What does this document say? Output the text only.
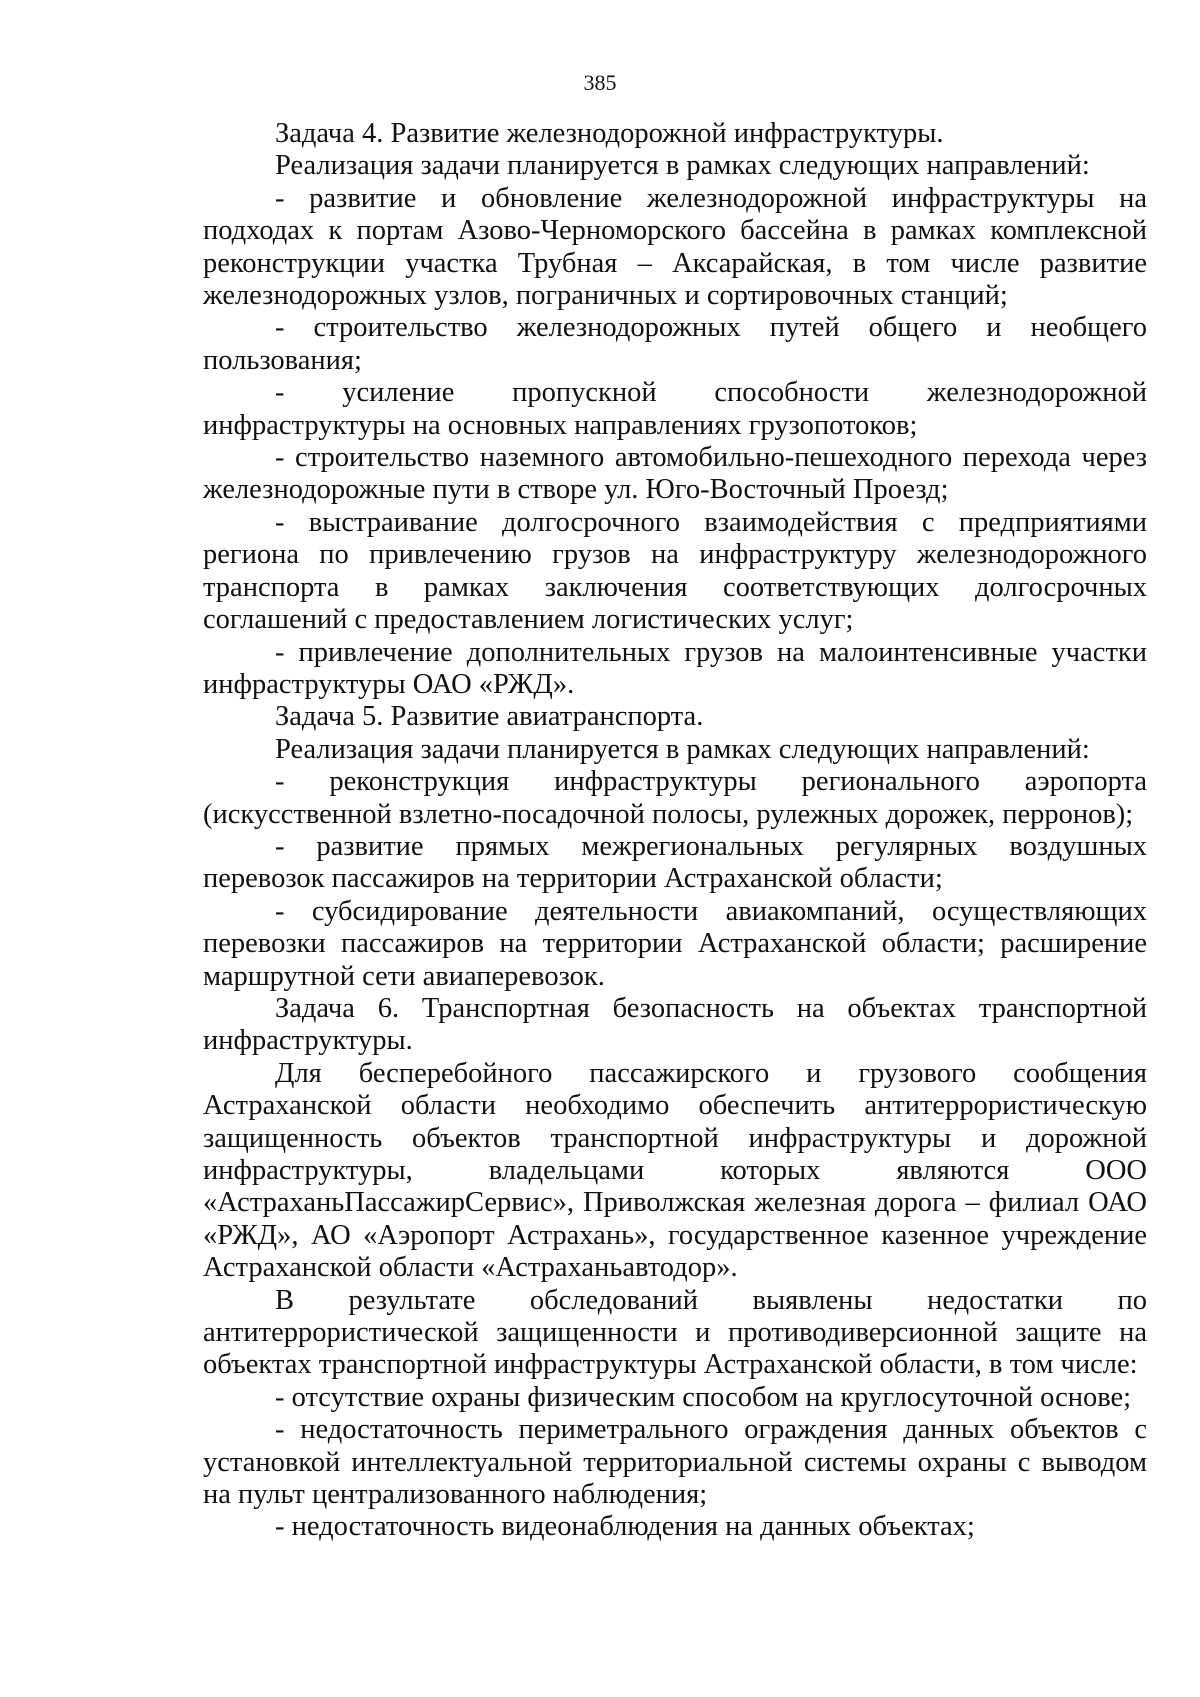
385

Задача 4. Развитие железнодорожной инфраструктуры.

Реализация задачи планируется в рамках следующих направлений:

- развитие и обновление железнодорожной инфраструктуры на подходах к портам Азово-Черноморского бассейна в рамках комплексной реконструкции участка Трубная – Аксарайская, в том числе развитие железнодорожных узлов, пограничных и сортировочных станций;

- строительство железнодорожных путей общего и необщего пользования;

- усиление пропускной способности железнодорожной инфраструктуры на основных направлениях грузопотоков;

- строительство наземного автомобильно-пешеходного перехода через железнодорожные пути в створе ул. Юго-Восточный Проезд;

- выстраивание долгосрочного взаимодействия с предприятиями региона по привлечению грузов на инфраструктуру железнодорожного транспорта в рамках заключения соответствующих долгосрочных соглашений с предоставлением логистических услуг;

- привлечение дополнительных грузов на малоинтенсивные участки инфраструктуры ОАО «РЖД».

Задача 5. Развитие авиатранспорта.

Реализация задачи планируется в рамках следующих направлений:

- реконструкция инфраструктуры регионального аэропорта (искусственной взлетно-посадочной полосы, рулежных дорожек, перронов);

- развитие прямых межрегиональных регулярных воздушных перевозок пассажиров на территории Астраханской области;

- субсидирование деятельности авиакомпаний, осуществляющих перевозки пассажиров на территории Астраханской области; расширение маршрутной сети авиаперевозок.

Задача 6. Транспортная безопасность на объектах транспортной инфраструктуры.

Для бесперебойного пассажирского и грузового сообщения Астраханской области необходимо обеспечить антитеррористическую защищенность объектов транспортной инфраструктуры и дорожной инфраструктуры, владельцами которых являются ООО «АстраханьПассажирСервис», Приволжская железная дорога – филиал ОАО «РЖД», АО «Аэропорт Астрахань», государственное казенное учреждение Астраханской области «Астраханьавтодор».

В результате обследований выявлены недостатки по антитеррористической защищенности и противодиверсионной защите на объектах транспортной инфраструктуры Астраханской области, в том числе:

- отсутствие охраны физическим способом на круглосуточной основе;

- недостаточность периметрального ограждения данных объектов с установкой интеллектуальной территориальной системы охраны с выводом на пульт централизованного наблюдения;

- недостаточность видеонаблюдения на данных объектах;
